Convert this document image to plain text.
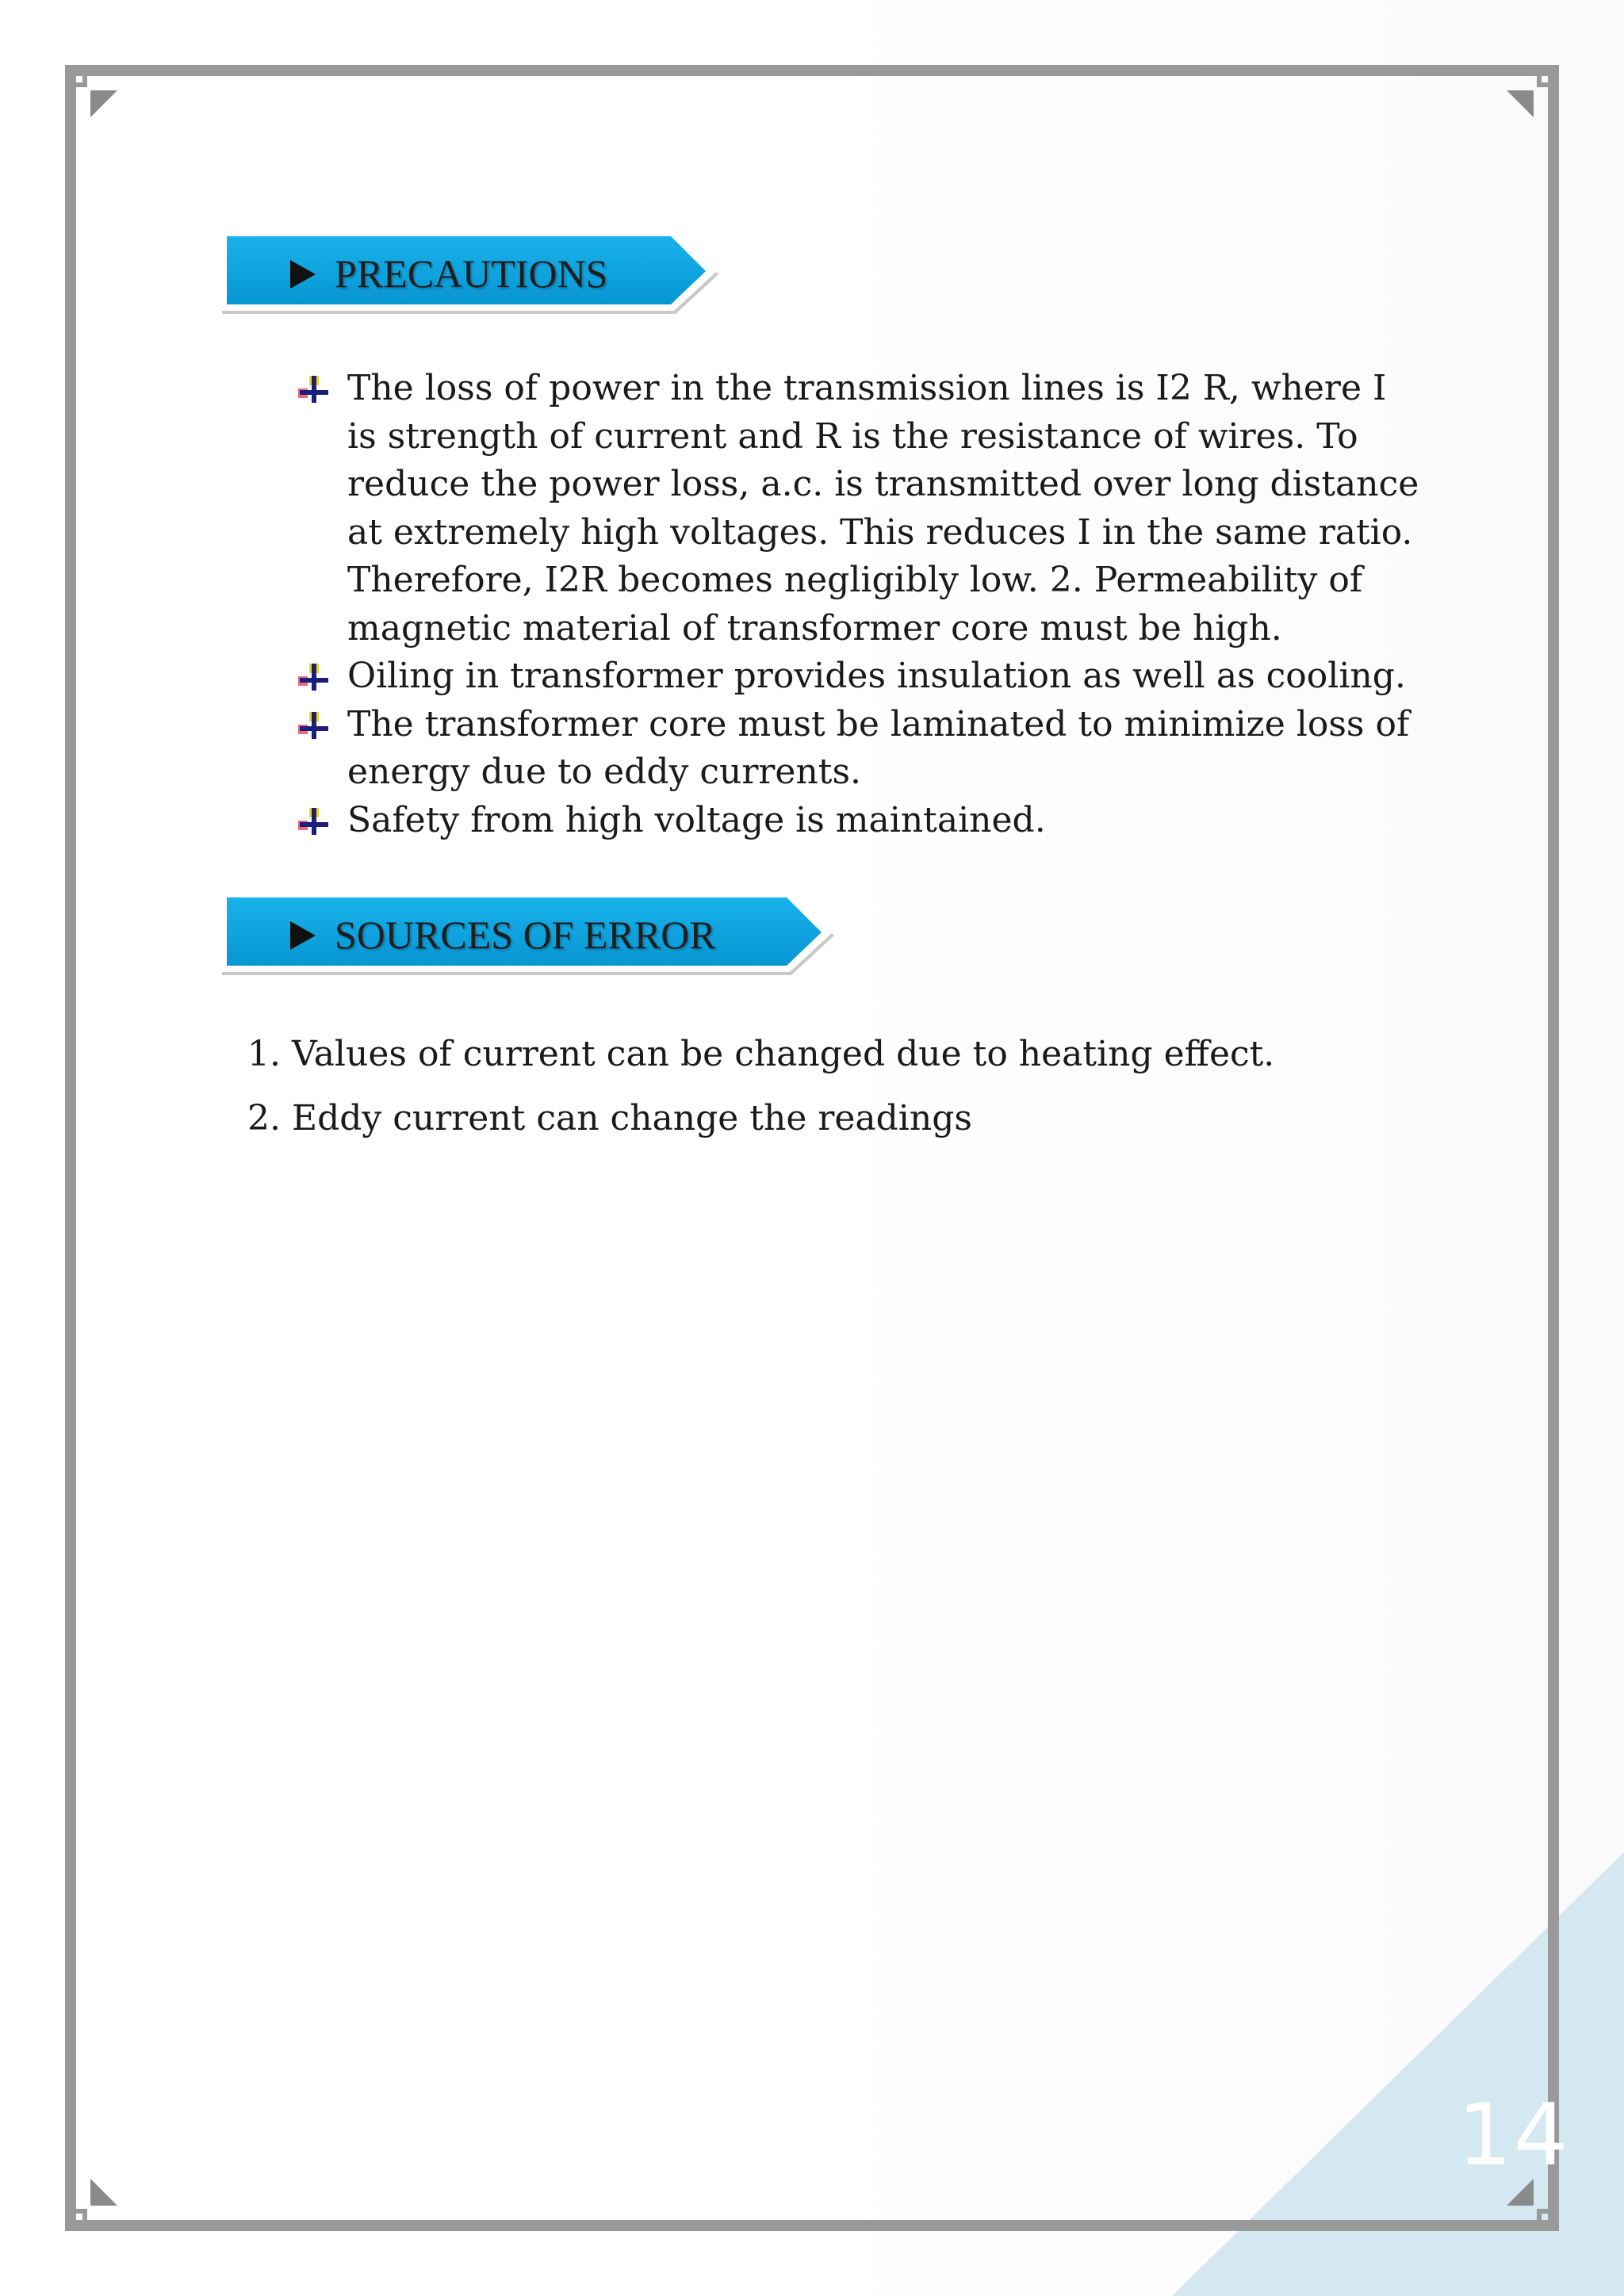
PRECAUTIONS
The loss of power in the transmission lines is I2 R, where I is strength of current and R is the resistance of wires. To reduce the power loss, a.c. is transmitted over long distance at extremely high voltages. This reduces I in the same ratio. Therefore, I2R becomes negligibly low. 2. Permeability of magnetic material of transformer core must be high.
Oiling in transformer provides insulation as well as cooling.
The transformer core must be laminated to minimize loss of energy due to eddy currents.
Safety from high voltage is maintained.
SOURCES OF ERROR
1. Values of current can be changed due to heating effect.
2. Eddy current can change the readings
14
